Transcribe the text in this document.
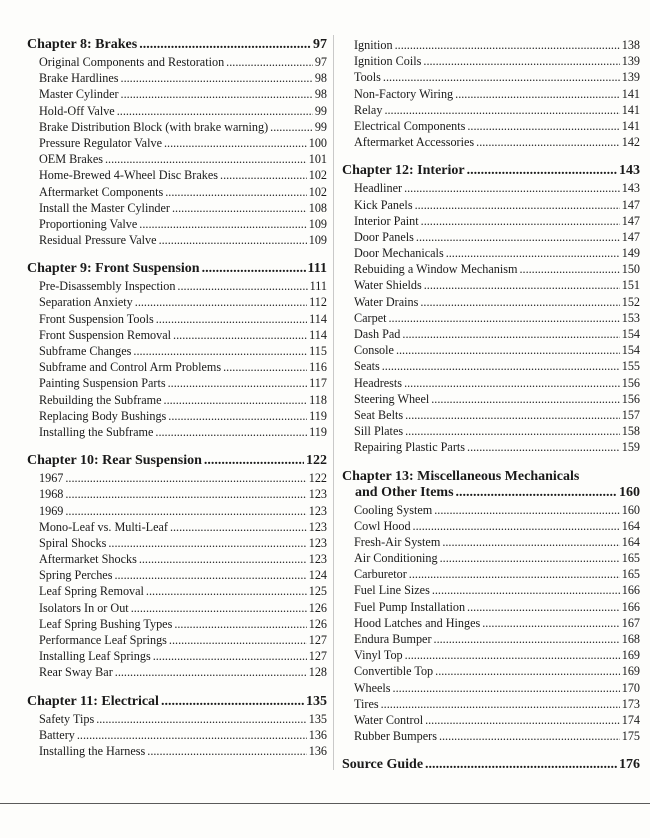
Chapter 8: Brakes .....	97
Original Components and Restoration .....	97
Brake Hardlines .....	98
Master Cylinder .....	98
Hold-Off Valve .....	99
Brake Distribution Block (with brake warning) .....	99
Pressure Regulator Valve .....	100
OEM Brakes .....	101
Home-Brewed 4-Wheel Disc Brakes .....	102
Aftermarket Components .....	102
Install the Master Cylinder .....	108
Proportioning Valve .....	109
Residual Pressure Valve .....	109
Chapter 9: Front Suspension .....	111
Pre-Disassembly Inspection .....	111
Separation Anxiety .....	112
Front Suspension Tools .....	114
Front Suspension Removal .....	114
Subframe Changes .....	115
Subframe and Control Arm Problems .....	116
Painting Suspension Parts .....	117
Rebuilding the Subframe .....	118
Replacing Body Bushings .....	119
Installing the Subframe .....	119
Chapter 10: Rear Suspension .....	122
1967 .....	122
1968 .....	123
1969 .....	123
Mono-Leaf vs. Multi-Leaf .....	123
Spiral Shocks .....	123
Aftermarket Shocks .....	123
Spring Perches .....	124
Leaf Spring Removal .....	125
Isolators In or Out .....	126
Leaf Spring Bushing Types .....	126
Performance Leaf Springs .....	127
Installing Leaf Springs .....	127
Rear Sway Bar .....	128
Chapter 11: Electrical .....	135
Safety Tips .....	135
Battery .....	136
Installing the Harness .....	136
Ignition .....	138
Ignition Coils .....	139
Tools .....	139
Non-Factory Wiring .....	141
Relay .....	141
Electrical Components .....	141
Aftermarket Accessories .....	142
Chapter 12: Interior .....	143
Headliner .....	143
Kick Panels .....	147
Interior Paint .....	147
Door Panels .....	147
Door Mechanicals .....	149
Rebuiding a Window Mechanism .....	150
Water Shields .....	151
Water Drains .....	152
Carpet .....	153
Dash Pad .....	154
Console .....	154
Seats .....	155
Headrests .....	156
Steering Wheel .....	156
Seat Belts .....	157
Sill Plates .....	158
Repairing Plastic Parts .....	159
Chapter 13: Miscellaneous Mechanicals
and Other Items .....	160
Cooling System .....	160
Cowl Hood .....	164
Fresh-Air System .....	164
Air Conditioning .....	165
Carburetor .....	165
Fuel Line Sizes .....	166
Fuel Pump Installation .....	166
Hood Latches and Hinges .....	167
Endura Bumper .....	168
Vinyl Top .....	169
Convertible Top .....	169
Wheels .....	170
Tires .....	173
Water Control .....	174
Rubber Bumpers .....	175
Source Guide .....	176
